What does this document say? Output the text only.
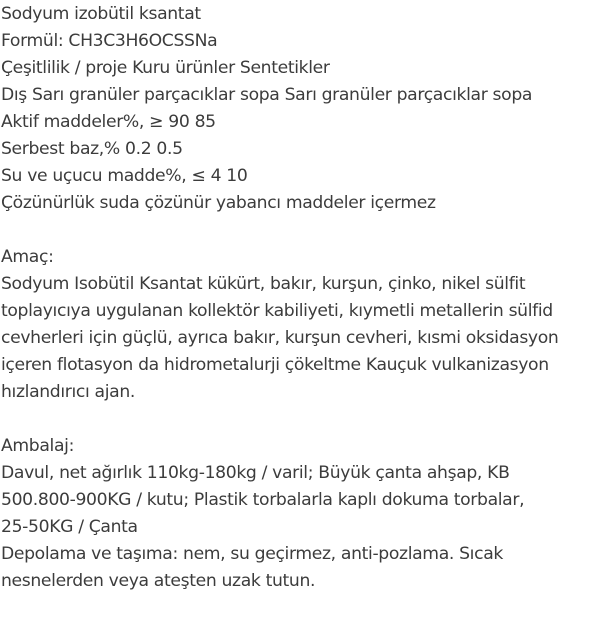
Sodyum izobütil ksantat
Formül: CH3C3H6OCSSNa
Çeşitlilik / proje Kuru ürünler Sentetikler
Dış Sarı granüler parçacıklar sopa Sarı granüler parçacıklar sopa
Aktif maddeler%, ≥ 90 85
Serbest baz,% 0.2 0.5
Su ve uçucu madde%, ≤ 4 10
Çözünürlük suda çözünür yabancı maddeler içermez
Amaç:
Sodyum Isobütil Ksantat kükürt, bakır, kurşun, çinko, nikel sülfit
toplayıcıya uygulanan kollektör kabiliyeti, kıymetli metallerin sülfid
cevherleri için güçlü, ayrıca bakır, kurşun cevheri, kısmi oksidasyon
içeren flotasyon da hidrometalurji çökeltme Kauçuk vulkanizasyon
hızlandırıcı ajan.
Ambalaj:
Davul, net ağırlık 110kg-180kg / varil; Büyük çanta ahşap, KB
500.800-900KG / kutu; Plastik torbalarla kaplı dokuma torbalar,
25-50KG / Çanta
Depolama ve taşıma: nem, su geçirmez, anti-pozlama. Sıcak
nesnelerden veya ateşten uzak tutun.
